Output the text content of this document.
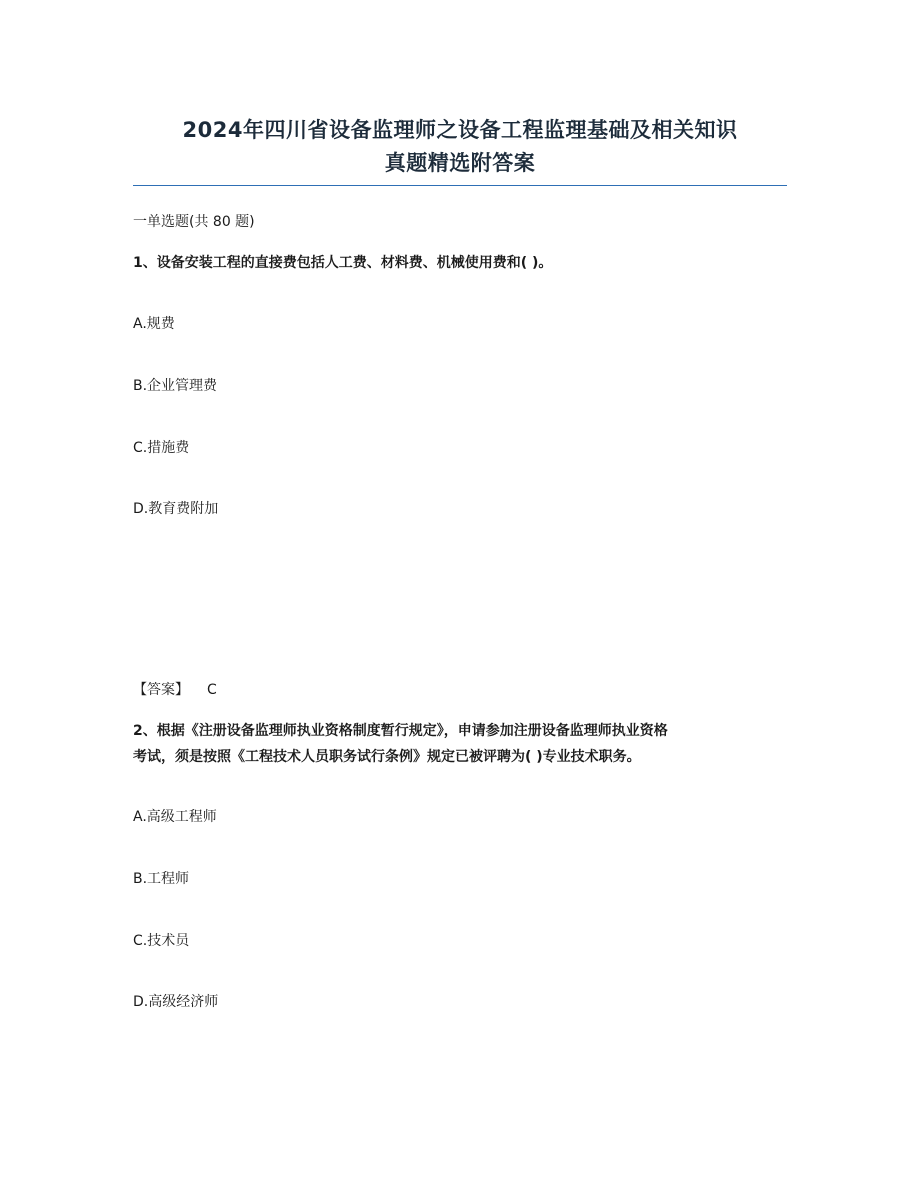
2024年四川省设备监理师之设备工程监理基础及相关知识
真题精选附答案
一单选题(共 80 题)
1、设备安装工程的直接费包括人工费、材料费、机械使用费和( )。
A.规费
B.企业管理费
C.措施费
D.教育费附加
【答案】 C
2、根据《注册设备监理师执业资格制度暂行规定》，申请参加注册设备监理师执业资格
考试，须是按照《工程技术人员职务试行条例》规定已被评聘为( )专业技术职务。
A.高级工程师
B.工程师
C.技术员
D.高级经济师
